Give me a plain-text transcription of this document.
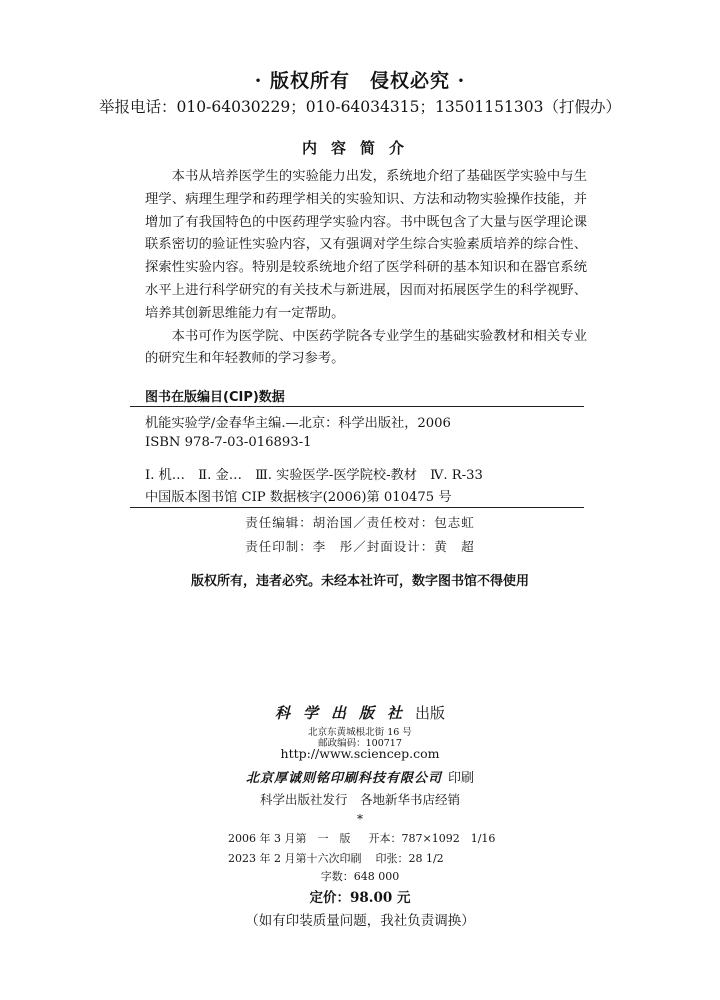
· 版权所有　侵权必究 ·
举报电话：010-64030229；010-64034315；13501151303（打假办）
内容简介

本书从培养医学生的实验能力出发，系统地介绍了基础医学实验中与生理学、病理生理学和药理学相关的实验知识、方法和动物实验操作技能，并增加了有我国特色的中医药理学实验内容。书中既包含了大量与医学理论课联系密切的验证性实验内容，又有强调对学生综合实验素质培养的综合性、探索性实验内容。特别是较系统地介绍了医学科研的基本知识和在器官系统水平上进行科学研究的有关技术与新进展，因而对拓展医学生的科学视野、培养其创新思维能力有一定帮助。

本书可作为医学院、中医药学院各专业学生的基础实验教材和相关专业的研究生和年轻教师的学习参考。

图书在版编目(CIP)数据
机能实验学/金春华主编.—北京：科学出版社，2006
ISBN 978-7-03-016893-1
Ⅰ. 机…　Ⅱ. 金…　Ⅲ. 实验医学-医学院校-教材　Ⅳ. R-33
中国版本图书馆 CIP 数据核字(2006)第 010475 号
责任编辑：胡治国／责任校对：包志虹
责任印制：李　彤／封面设计：黄　超
版权所有，违者必究。未经本社许可，数字图书馆不得使用
科学出版社出版
北京东黄城根北街 16 号
邮政编码：100717
http://www.sciencep.com
北京厚诚则铭印刷科技有限公司 印刷
科学出版社发行　各地新华书店经销
*
2006 年 3 月第　一　版 开本：787×1092　1/16
2023 年 2 月第十六次印刷 印张：28 1/2
字数：648 000
定价：98.00 元
（如有印装质量问题，我社负责调换）
